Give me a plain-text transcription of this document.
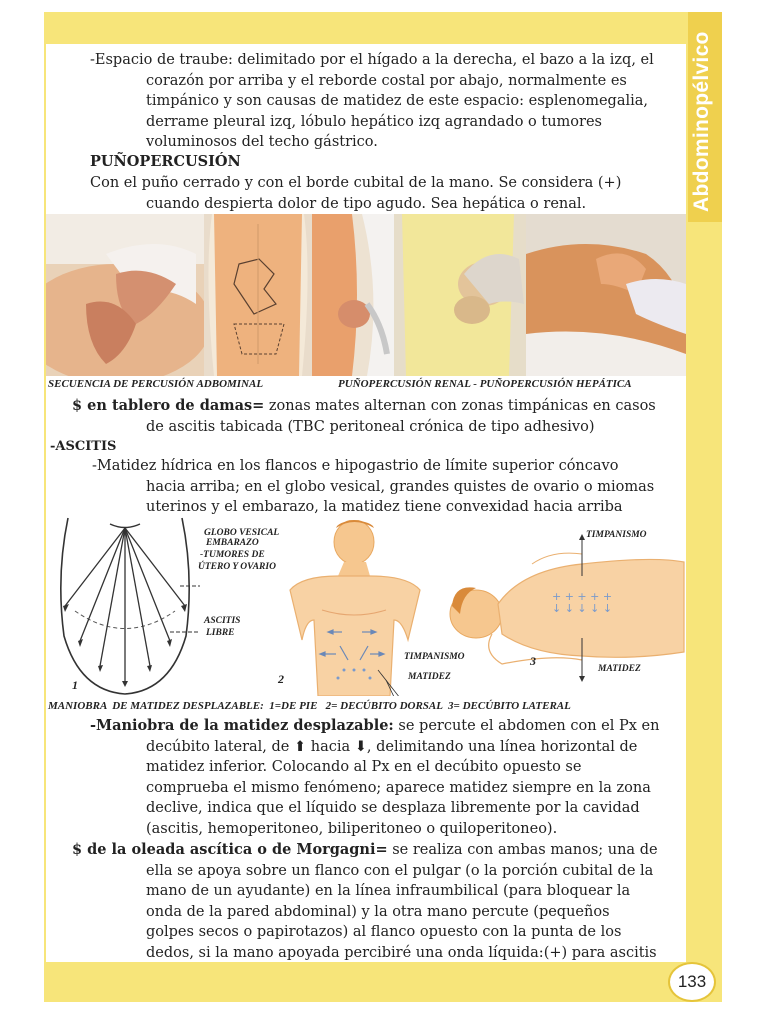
Abdominopélvico
-Espacio de traube: delimitado por el hígado a la derecha, el bazo a la izq, el
corazón por arriba y el reborde costal por abajo, normalmente es
timpánico y son causas de matidez de este espacio: esplenomegalia,
derrame pleural izq, lóbulo hepático izq agrandado o tumores
voluminosos del techo gástrico.
PUÑOPERCUSIÓN
Con el puño cerrado y con el borde cubital de la mano. Se considera (+)
cuando despierta dolor de tipo agudo. Sea hepática o renal.
SECUENCIA DE PERCUSIÓN ADBOMINAL	PUÑOPERCUSIÓN RENAL - PUÑOPERCUSIÓN HEPÁTICA
$ en tablero de damas= zonas mates alternan con zonas timpánicas en casos
de ascitis tabicada (TBC peritoneal crónica de tipo adhesivo)
-ASCITIS
-Matidez hídrica en los flancos e hipogastrio de límite superior cóncavo
hacia arriba; en el globo vesical, grandes quistes de ovario o miomas
uterinos y el embarazo, la matidez tiene convexidad hacia arriba
GLOBO VESICAL
EMBARAZO
-TUMORES DE
ÚTERO Y OVARIO
ASCITIS
LIBRE
1
TIMPANISMO
MATIDEZ
2
+ + + + +
↓ ↓ ↓ ↓ ↓
TIMPANISMO
MATIDEZ
3
MANIOBRA  DE MATIDEZ DESPLAZABLE:  1=DE PIE   2= DECÚBITO DORSAL  3= DECÚBITO LATERAL
-Maniobra de la matidez desplazable: se percute el abdomen con el Px en
decúbito lateral, de ⬆ hacia ⬇, delimitando una línea horizontal de
matidez inferior. Colocando al Px en el decúbito opuesto se
comprueba el mismo fenómeno; aparece matidez siempre en la zona
declive, indica que el líquido se desplaza libremente por la cavidad
(ascitis, hemoperitoneo, biliperitoneo o quiloperitoneo).
$ de la oleada ascítica o de Morgagni= se realiza con ambas manos; una de
ella se apoya sobre un flanco con el pulgar (o la porción cubital de la
mano de un ayudante) en la línea infraumbilical (para bloquear la
onda de la pared abdominal) y la otra mano percute (pequeños
golpes secos o papirotazos) al flanco opuesto con la punta de los
dedos, si la mano apoyada percibiré una onda líquida:(+) para ascitis
133
